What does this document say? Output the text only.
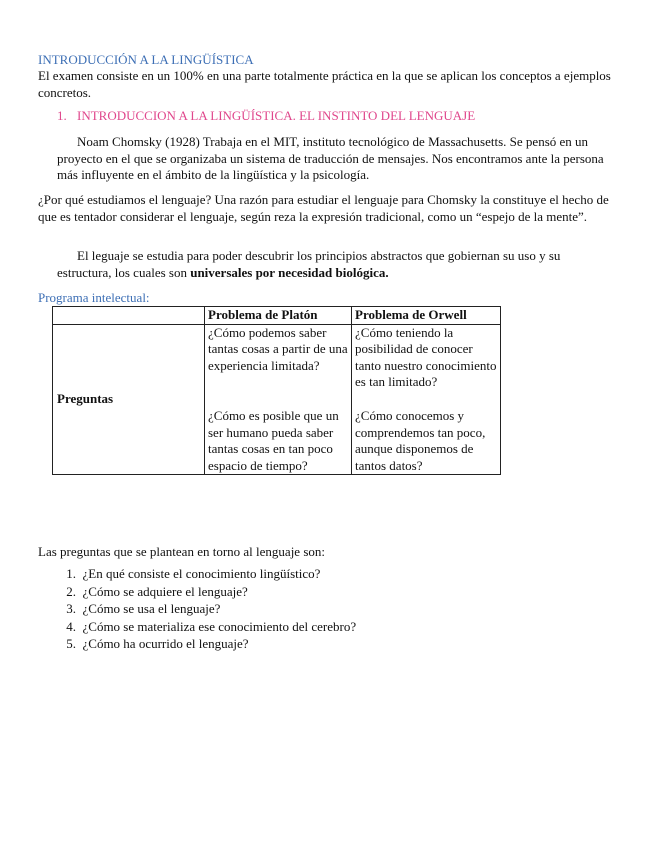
INTRODUCCIÓN A LA LINGÜÍSTICA

El examen consiste en un 100% en una parte totalmente práctica en la que se aplican los conceptos a ejemplos concretos.

1. INTRODUCCION A LA LINGÜÍSTICA. EL INSTINTO DEL LENGUAJE

Noam Chomsky (1928) Trabaja en el MIT, instituto tecnológico de Massachusetts. Se pensó en un proyecto en el que se organizaba un sistema de traducción de mensajes. Nos encontramos ante la persona más influyente en el ámbito de la lingüística y la psicología.

¿Por qué estudiamos el lenguaje? Una razón para estudiar el lenguaje para Chomsky la constituye el hecho de que es tentador considerar el lenguaje, según reza la expresión tradicional, como un “espejo de la mente”.

El leguaje se estudia para poder descubrir los principios abstractos que gobiernan su uso y su estructura, los cuales son universales por necesidad biológica.

Programa intelectual:

	Problema de Platón	Problema de Orwell
Preguntas	¿Cómo podemos saber tantas cosas a partir de una experiencia limitada?	¿Cómo teniendo la posibilidad de conocer tanto nuestro conocimiento es tan limitado?

	¿Cómo es posible que un ser humano pueda saber tantas cosas en tan poco espacio de tiempo?	¿Cómo conocemos y comprendemos tan poco, aunque disponemos de tantos datos?

Las preguntas que se plantean en torno al lenguaje son:

1. ¿En qué consiste el conocimiento lingüístico?
2. ¿Cómo se adquiere el lenguaje?
3. ¿Cómo se usa el lenguaje?
4. ¿Cómo se materializa ese conocimiento del cerebro?
5. ¿Cómo ha ocurrido el lenguaje?
